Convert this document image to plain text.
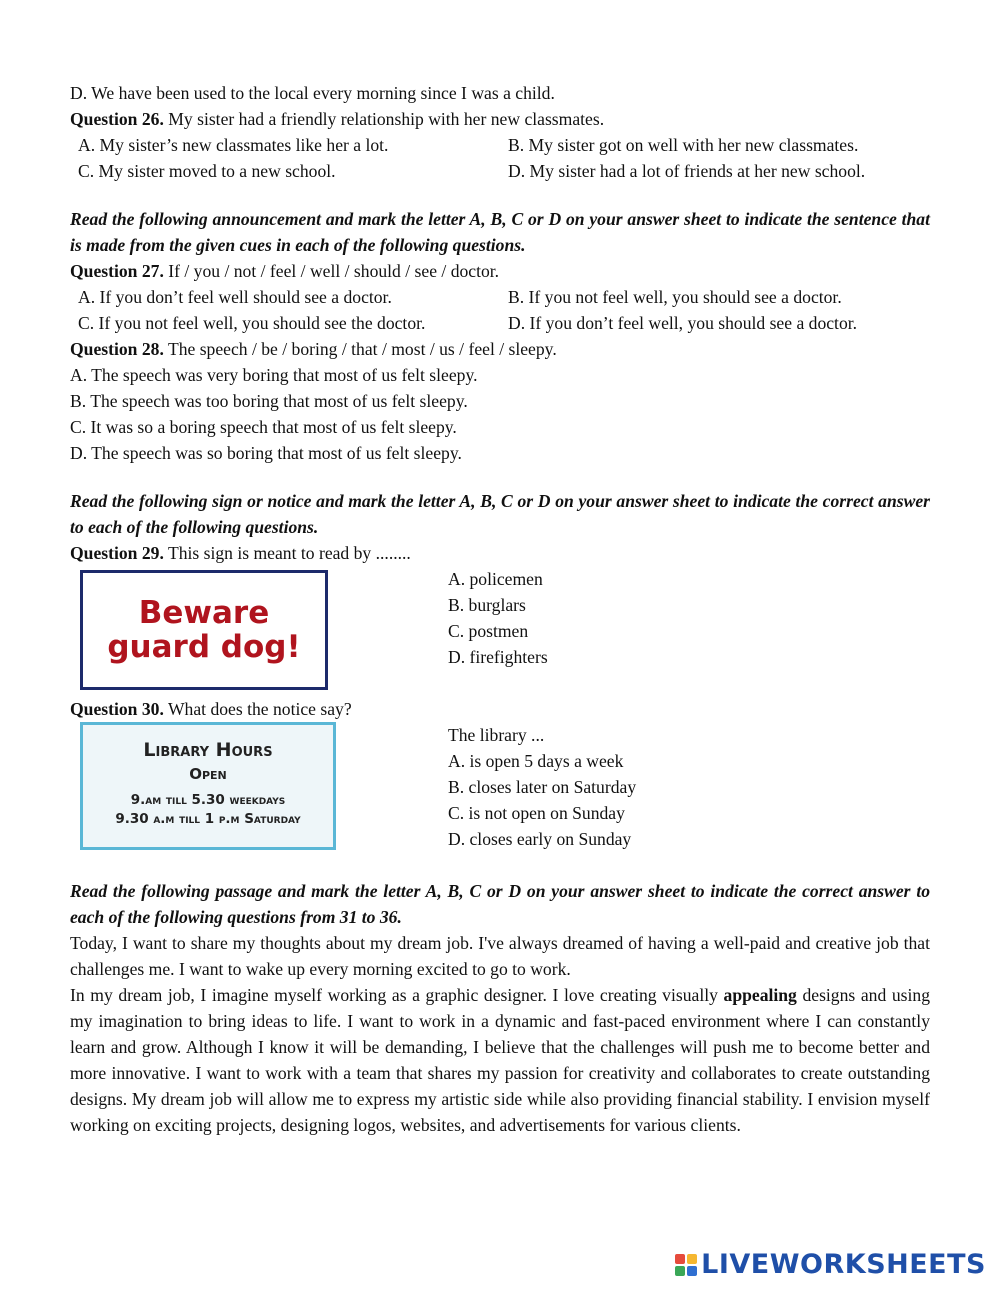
D. We have been used to the local every morning since I was a child.

Question 26. My sister had a friendly relationship with her new classmates.

A. My sister’s new classmates like her a lot.	B. My sister got on well with her new classmates.
C. My sister moved to a new school.	D. My sister had a lot of friends at her new school.

Read the following announcement and mark the letter A, B, C or D on your answer sheet to indicate the sentence that is made from the given cues in each of the following questions.

Question 27. If / you / not / feel / well / should / see / doctor.

A. If you don’t feel well should see a doctor.	B. If you not feel well, you should see a doctor.
C. If you not feel well, you should see the doctor.	D. If you don’t feel well, you should see a doctor.

Question 28. The speech / be / boring / that / most / us / feel / sleepy.

A. The speech was very boring that most of us felt sleepy.

B. The speech was too boring that most of us felt sleepy.

C. It was so a boring speech that most of us felt sleepy.

D. The speech was so boring that most of us felt sleepy.

Read the following sign or notice and mark the letter A, B, C or D on your answer sheet to indicate the correct answer to each of the following questions.

Question 29. This sign is meant to read by ........

Beware
guard dog!

A. policemen

B. burglars

C. postmen

D. firefighters

Question 30. What does the notice say?

Library Hours
Open
9.am till 5.30 weekdays
9.30 a.m till 1 p.m Saturday

The library ...

A. is open 5 days a week

B. closes later on Saturday

C. is not open on Sunday

D. closes early on Sunday

Read the following passage and mark the letter A, B, C or D on your answer sheet to indicate the correct answer to each of the following questions from 31 to 36.

Today, I want to share my thoughts about my dream job. I've always dreamed of having a well-paid and creative job that challenges me. I want to wake up every morning excited to go to work.

In my dream job, I imagine myself working as a graphic designer. I love creating visually appealing designs and using my imagination to bring ideas to life. I want to work in a dynamic and fast-paced environment where I can constantly learn and grow. Although I know it will be demanding, I believe that the challenges will push me to become better and more innovative. I want to work with a team that shares my passion for creativity and collaborates to create outstanding designs. My dream job will allow me to express my artistic side while also providing financial stability. I envision myself working on exciting projects, designing logos, websites, and advertisements for various clients.

LIVEWORKSHEETS
